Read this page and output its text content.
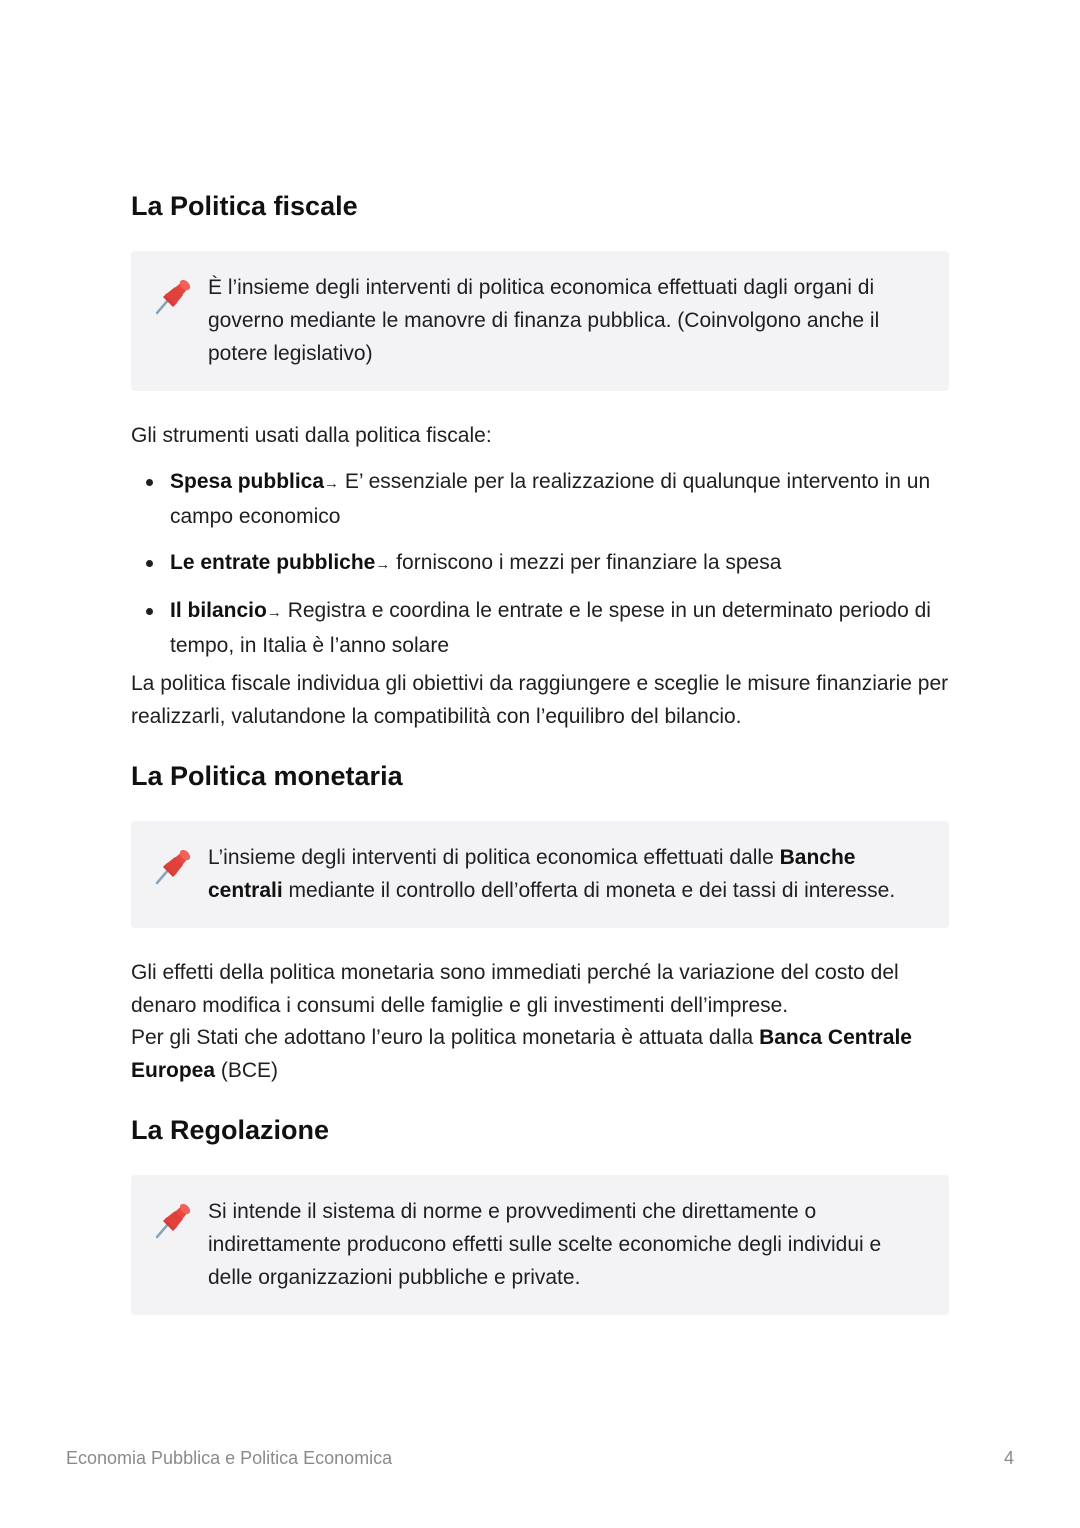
La Politica fiscale
È l’insieme degli interventi di politica economica effettuati dagli organi di governo mediante le manovre di finanza pubblica. (Coinvolgono anche il potere legislativo)

Gli strumenti usati dalla politica fiscale:

Spesa pubblica→ E’ essenziale per la realizzazione di qualunque intervento in un campo economico
Le entrate pubbliche→ forniscono i mezzi per finanziare la spesa
Il bilancio→ Registra e coordina le entrate e le spese in un determinato periodo di tempo, in Italia è l’anno solare

La politica fiscale individua gli obiettivi da raggiungere e sceglie le misure finanziarie per realizzarli, valutandone la compatibilità con l’equilibro del bilancio.

La Politica monetaria
L’insieme degli interventi di politica economica effettuati dalle Banche centrali mediante il controllo dell’offerta di moneta e dei tassi di interesse.

Gli effetti della politica monetaria sono immediati perché la variazione del costo del denaro modifica i consumi delle famiglie e gli investimenti dell’imprese.

Per gli Stati che adottano l’euro la politica monetaria è attuata dalla Banca Centrale Europea (BCE)

La Regolazione
Si intende il sistema di norme e provvedimenti che direttamente o indirettamente producono effetti sulle scelte economiche degli individui e delle organizzazioni pubbliche e private.
Economia Pubblica e Politica Economica	4
